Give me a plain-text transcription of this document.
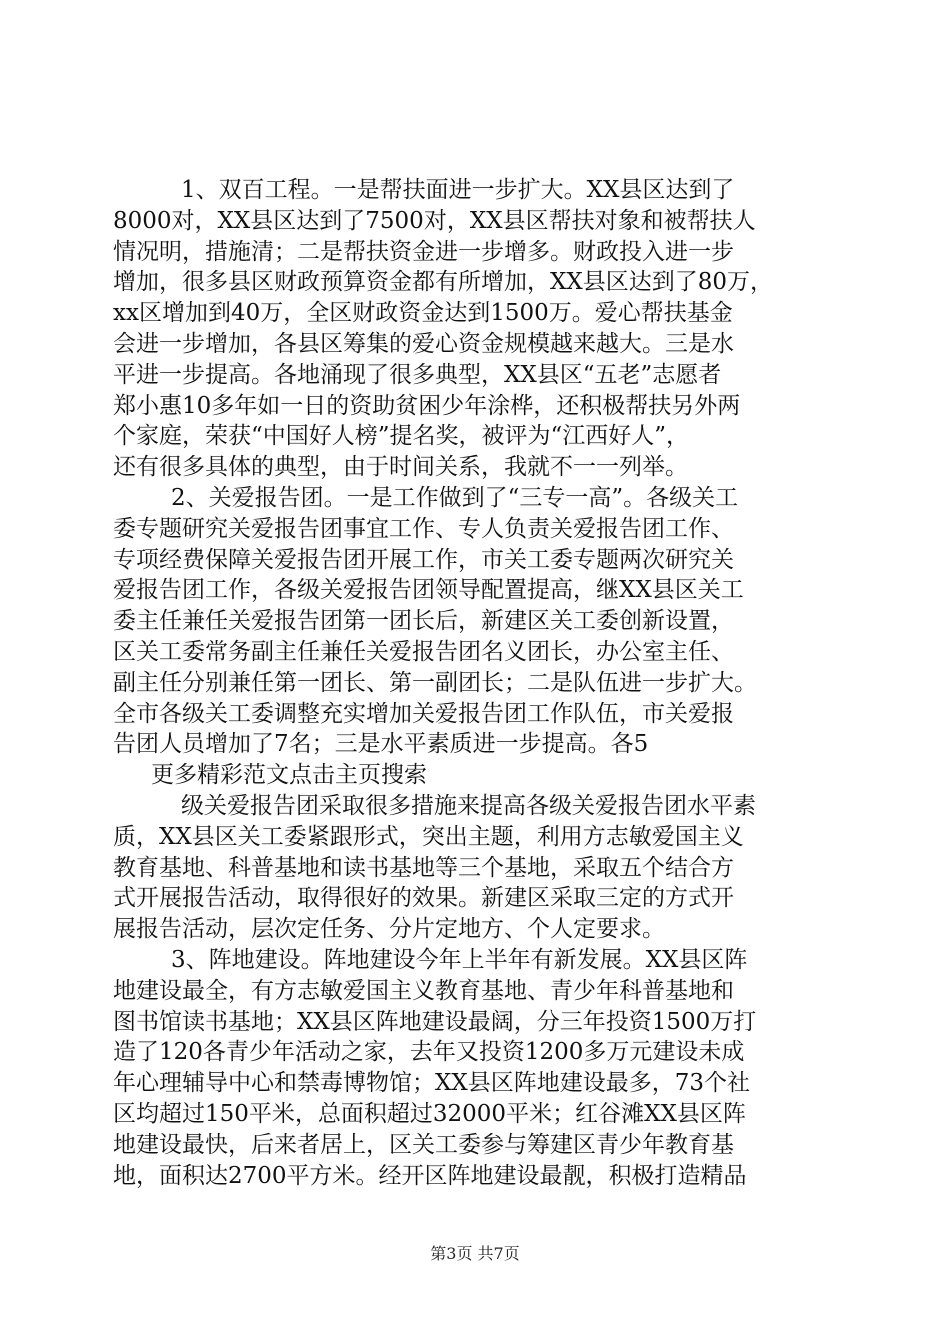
1、双百工程。一是帮扶面进一步扩大。XX县区达到了
8000对，XX县区达到了7500对，XX县区帮扶对象和被帮扶人
情况明，措施清；二是帮扶资金进一步增多。财政投入进一步
增加，很多县区财政预算资金都有所增加，XX县区达到了80万，
xx区增加到40万，全区财政资金达到1500万。爱心帮扶基金
会进一步增加，各县区筹集的爱心资金规模越来越大。三是水
平进一步提高。各地涌现了很多典型，XX县区“五老”志愿者
郑小惠10多年如一日的资助贫困少年涂桦，还积极帮扶另外两
个家庭，荣获“中国好人榜”提名奖，被评为“江西好人”，
还有很多具体的典型，由于时间关系，我就不一一列举。
2、关爱报告团。一是工作做到了“三专一高”。各级关工
委专题研究关爱报告团事宜工作、专人负责关爱报告团工作、
专项经费保障关爱报告团开展工作，市关工委专题两次研究关
爱报告团工作，各级关爱报告团领导配置提高，继XX县区关工
委主任兼任关爱报告团第一团长后，新建区关工委创新设置，
区关工委常务副主任兼任关爱报告团名义团长，办公室主任、
副主任分别兼任第一团长、第一副团长；二是队伍进一步扩大。
全市各级关工委调整充实增加关爱报告团工作队伍，市关爱报
告团人员增加了7名；三是水平素质进一步提高。各5
更多精彩范文点击主页搜索
级关爱报告团采取很多措施来提高各级关爱报告团水平素
质，XX县区关工委紧跟形式，突出主题，利用方志敏爱国主义
教育基地、科普基地和读书基地等三个基地，采取五个结合方
式开展报告活动，取得很好的效果。新建区采取三定的方式开
展报告活动，层次定任务、分片定地方、个人定要求。
3、阵地建设。阵地建设今年上半年有新发展。XX县区阵
地建设最全，有方志敏爱国主义教育基地、青少年科普基地和
图书馆读书基地；XX县区阵地建设最阔，分三年投资1500万打
造了120各青少年活动之家，去年又投资1200多万元建设未成
年心理辅导中心和禁毒博物馆；XX县区阵地建设最多，73个社
区均超过150平米，总面积超过32000平米；红谷滩XX县区阵
地建设最快，后来者居上，区关工委参与筹建区青少年教育基
地，面积达2700平方米。经开区阵地建设最靓，积极打造精品
第3页 共7页
